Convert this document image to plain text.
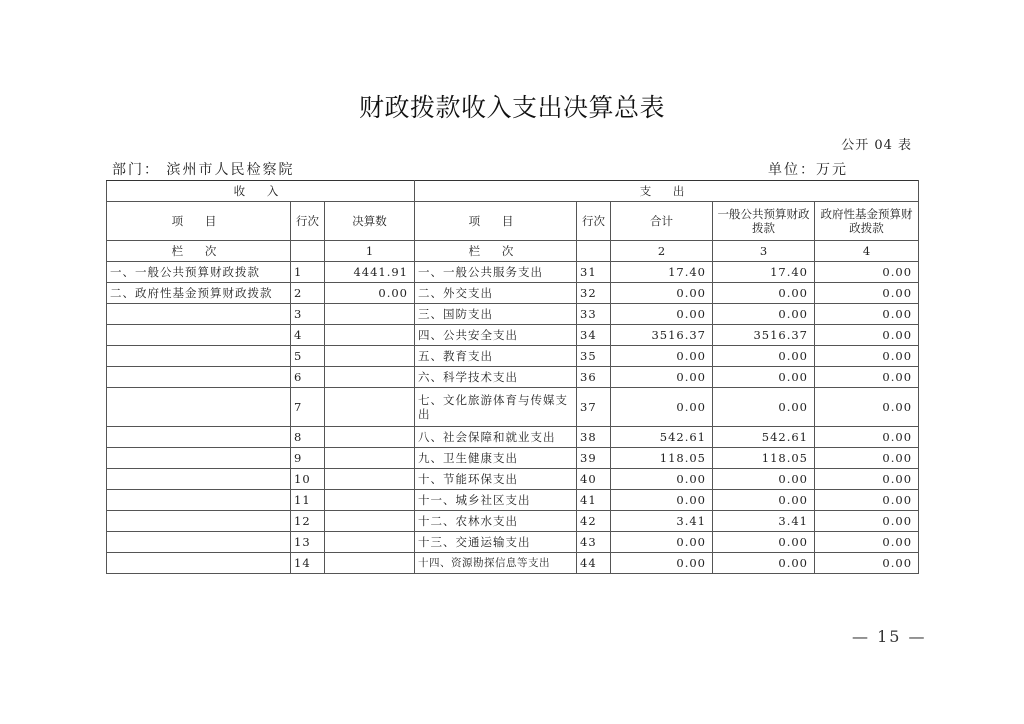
财政拨款收入支出决算总表
公开 04 表
部门： 滨州市人民检察院	单位：万元
收 入			支 出				
项 目	行次	决算数	项 目	行次	合计	一般公共预算财政拨款	政府性基金预算财政拨款
栏 次		1	栏 次		2	3	4
一、一般公共预算财政拨款	1	4441.91	一、一般公共服务支出	31	17.40	17.40	0.00
二、政府性基金预算财政拨款	2	0.00	二、外交支出	32	0.00	0.00	0.00
	3		三、国防支出	33	0.00	0.00	0.00
	4		四、公共安全支出	34	3516.37	3516.37	0.00
	5		五、教育支出	35	0.00	0.00	0.00
	6		六、科学技术支出	36	0.00	0.00	0.00
	7		七、文化旅游体育与传媒支出	37	0.00	0.00	0.00
	8		八、社会保障和就业支出	38	542.61	542.61	0.00
	9		九、卫生健康支出	39	118.05	118.05	0.00
	10		十、节能环保支出	40	0.00	0.00	0.00
	11		十一、城乡社区支出	41	0.00	0.00	0.00
	12		十二、农林水支出	42	3.41	3.41	0.00
	13		十三、交通运输支出	43	0.00	0.00	0.00
	14		十四、资源勘探信息等支出	44	0.00	0.00	0.00
— 15 —
